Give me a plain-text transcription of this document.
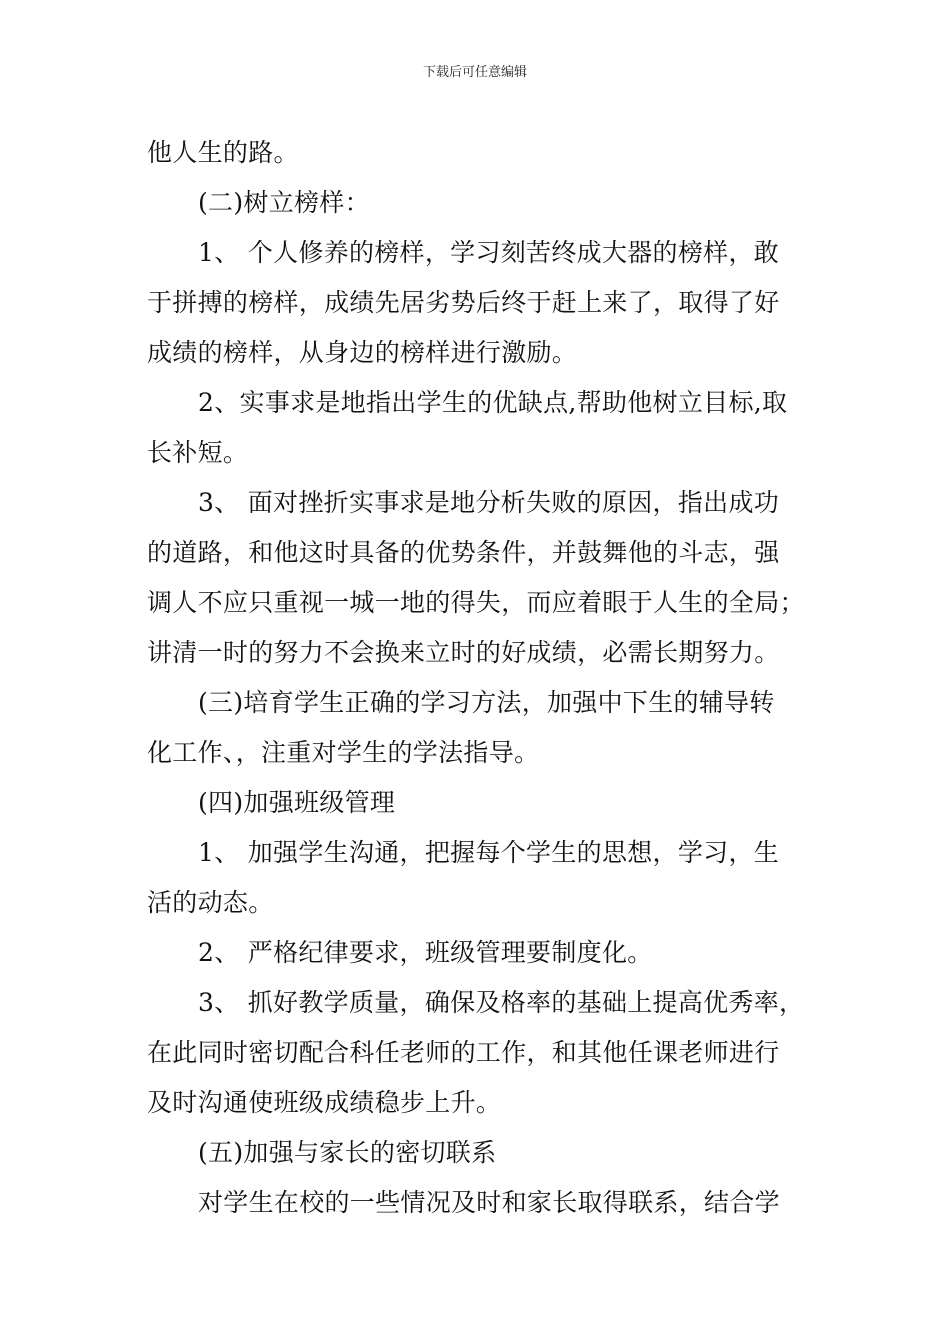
下载后可任意编辑
他人生的路。
(二)树立榜样：
1、 个人修养的榜样，学习刻苦终成大器的榜样，敢
于拼搏的榜样，成绩先居劣势后终于赶上来了，取得了好
成绩的榜样，从身边的榜样进行激励。
2、实事求是地指出学生的优缺点,帮助他树立目标,取
长补短。
3、 面对挫折实事求是地分析失败的原因，指出成功
的道路，和他这时具备的优势条件，并鼓舞他的斗志，强
调人不应只重视一城一地的得失，而应着眼于人生的全局；
讲清一时的努力不会换来立时的好成绩，必需长期努力。
(三)培育学生正确的学习方法，加强中下生的辅导转
化工作、，注重对学生的学法指导。
(四)加强班级管理
1、 加强学生沟通，把握每个学生的思想，学习，生
活的动态。
2、 严格纪律要求，班级管理要制度化。
3、 抓好教学质量，确保及格率的基础上提高优秀率，
在此同时密切配合科任老师的工作，和其他任课老师进行
及时沟通使班级成绩稳步上升。
(五)加强与家长的密切联系
对学生在校的一些情况及时和家长取得联系，结合学
